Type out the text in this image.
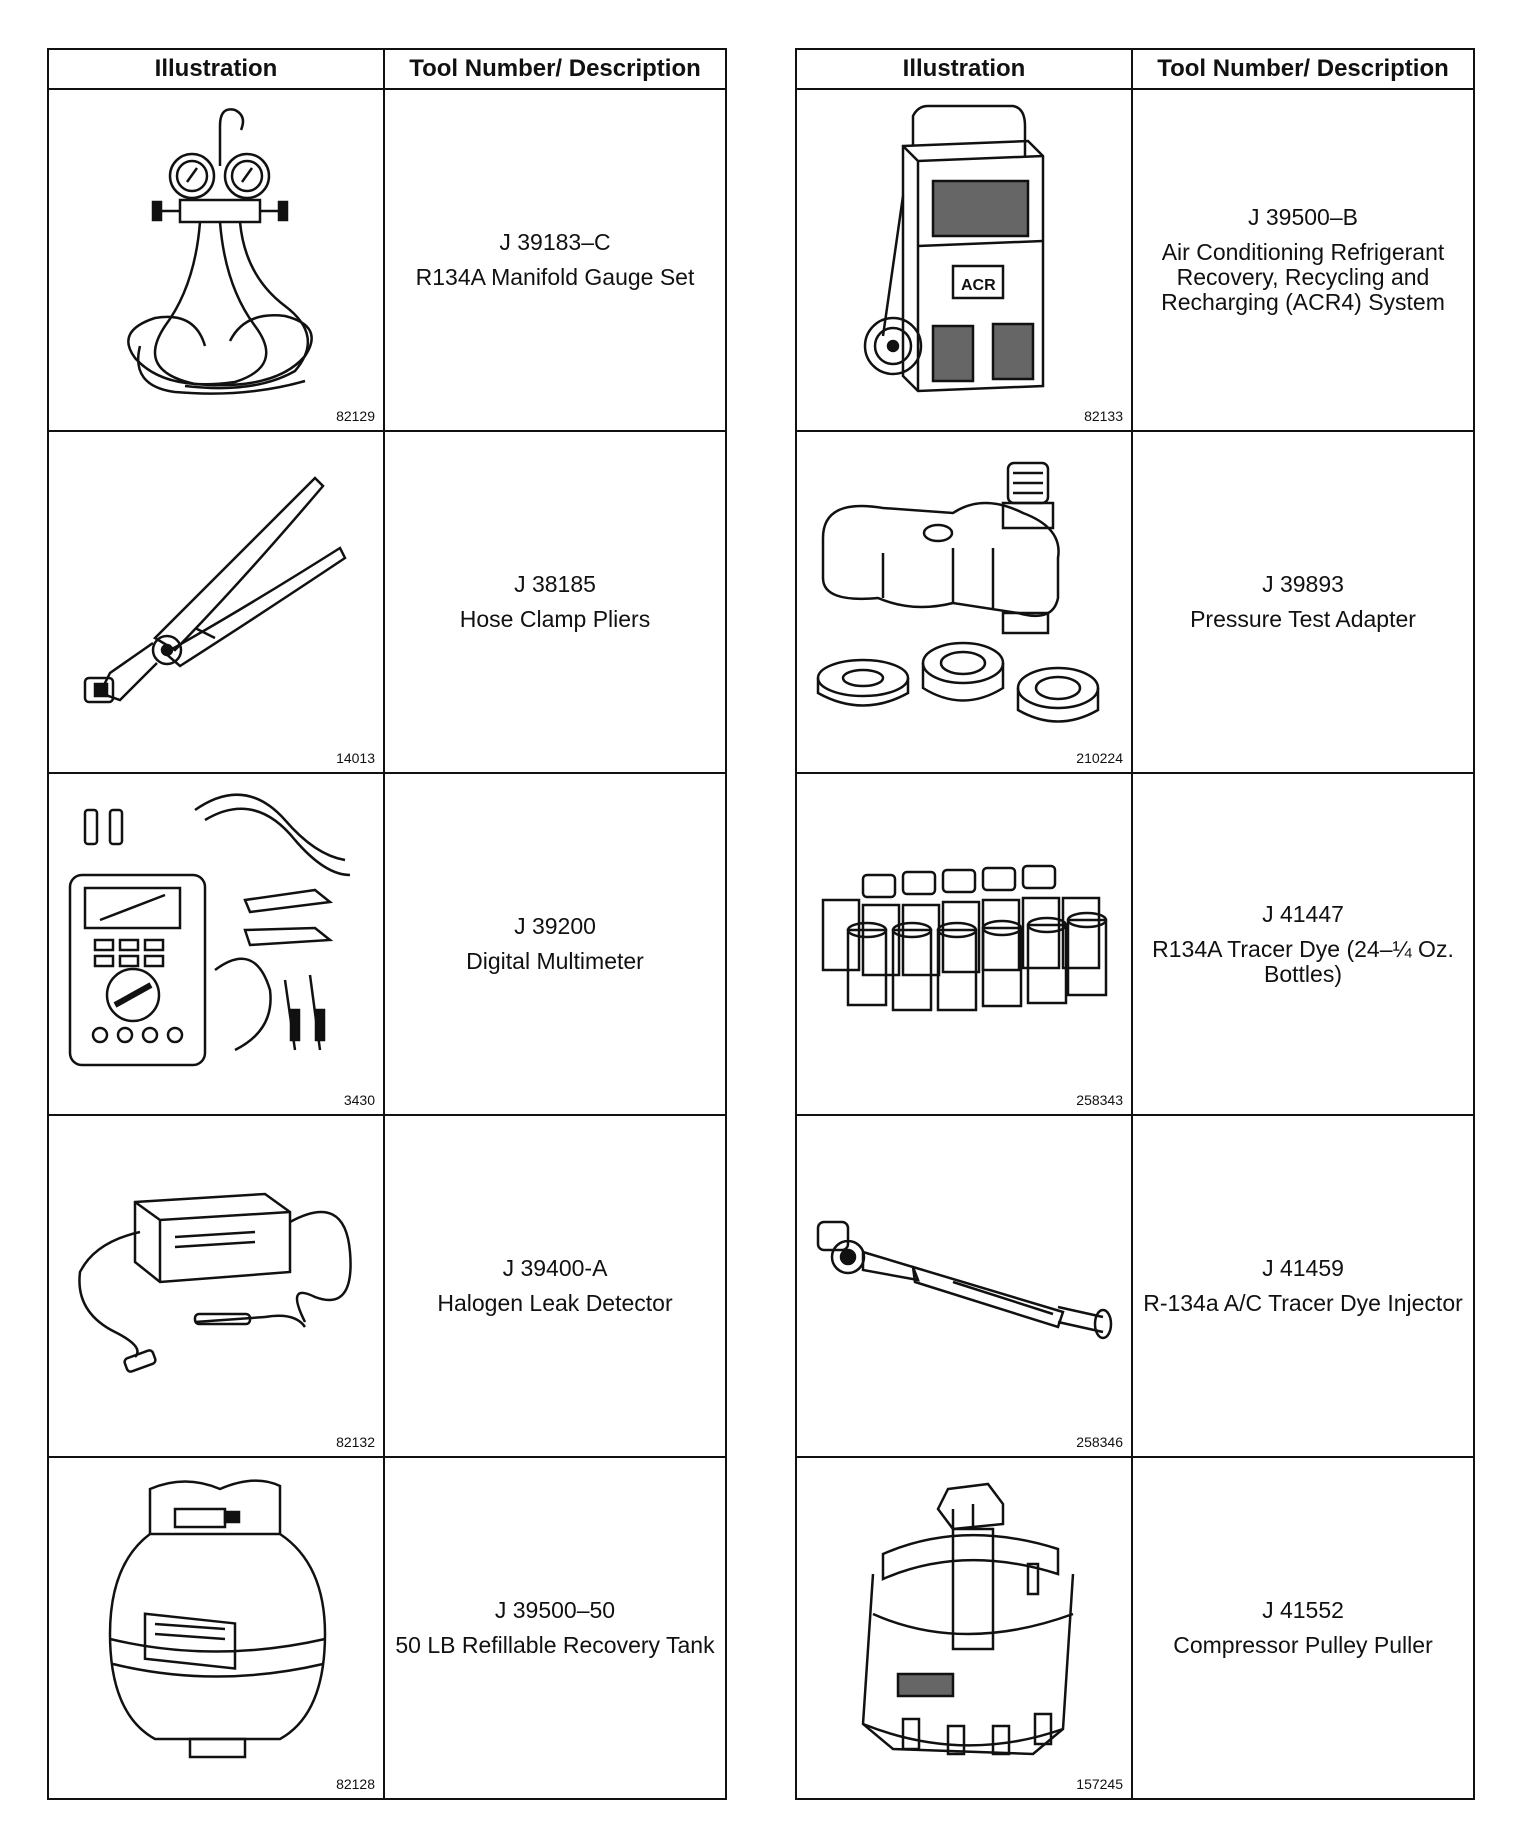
Illustration	Tool Number/ Description

82129	J 39183–C
R134A Manifold Gauge Set

14013	J 38185
Hose Clamp Pliers

3430	J 39200
Digital Multimeter

82132	J 39400-A
Halogen Leak Detector

82128	J 39500–50
50 LB Refillable Recovery Tank
Illustration	Tool Number/ Description

ACR
82133	J 39500–B
Air Conditioning Refrigerant Recovery, Recycling and Recharging (ACR4) System

210224	J 39893
Pressure Test Adapter

258343	J 41447
R134A Tracer Dye (24–¼ Oz. Bottles)

258346	J 41459
R-134a A/C Tracer Dye Injector

157245	J 41552
Compressor Pulley Puller
